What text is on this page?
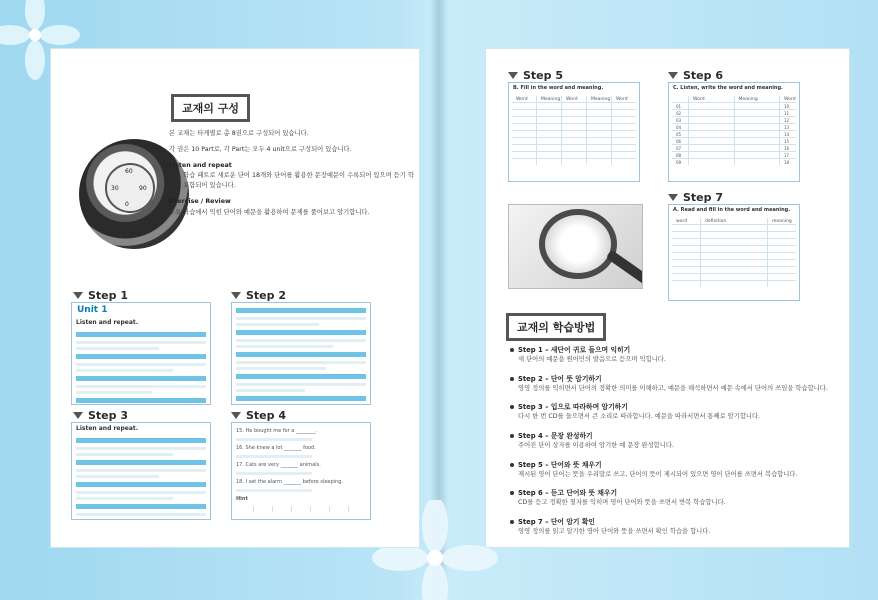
30
60
90
0
교재의 구성

본 교재는 타게별로 총 8권으로 구성되어 있습니다.

각 권은 10 Part로, 각 Part는 모두 4 unit으로 구성되어 있습니다.

Listen and repeat

주요 학습 패트로 새로운 단어 18개와 단어를 활용한 문장예문이 수록되어 있으며 듣기 학습이 포함되어 있습니다.

Exercise / Review

주요 학습에서 익힌 단어와 예문을 활용하여 문제를 풀어보고 암기합니다.

Step 1
Unit 1
Listen and repeat.
Step 2
Step 3
Listen and repeat.
Step 4
15. He bought me for a ________.
16. She knew a lot _______ food.
17. Cats are very _______ animals.
18. I set the alarm _______ before sleeping.
Hint
Step 5
B. Fill in the word and meaning.
Word	Meaning	Word	Meaning	Word
Step 6
C. Listen, write the word and meaning.
Word	Meaning	Word
01	10
02	11
03	12
04	13
05	14
06	15
07	16
08	17
09	18
Step 7
A. Read and fill in the word and meaning.
word	definition	meaning
교재의 학습방법
Step 1 – 새단어 귀로 들으며 익히기
새 단어의 예문을 원어민의 발음으로 듣으며 익힙니다.
Step 2 – 단어 뜻 암기하기
영영 정의를 익히면서 단어의 정확한 의미를 이해하고, 예문을 해석하면서 예문 속에서 단어의 쓰임을 학습합니다.
Step 3 – 입으로 따라하며 암기하기
다시 한 번 CD를 들으면서 큰 소리로 따라합니다. 예문을 따라서면서 통째로 암기합니다.
Step 4 – 문장 완성하기
주어진 단어 상자를 이용하여 암기한 예 문장 완성합니다.
Step 5 – 단어와 뜻 채우기
제시된 영어 단어는 뜻을 우리말로 쓰고, 단어의 뜻이 제시되어 있으면 영어 단어를 쓰면서 복습합니다.
Step 6 – 듣고 단어와 뜻 채우기
CD를 듣고 정확한 철자를 익히며 영어 단어와 뜻을 쓰면서 반복 학습합니다.
Step 7 – 단어 암기 확인
영영 정의를 읽고 알기한 영어 단어와 뜻을 쓰면서 확인 학습을 합니다.
